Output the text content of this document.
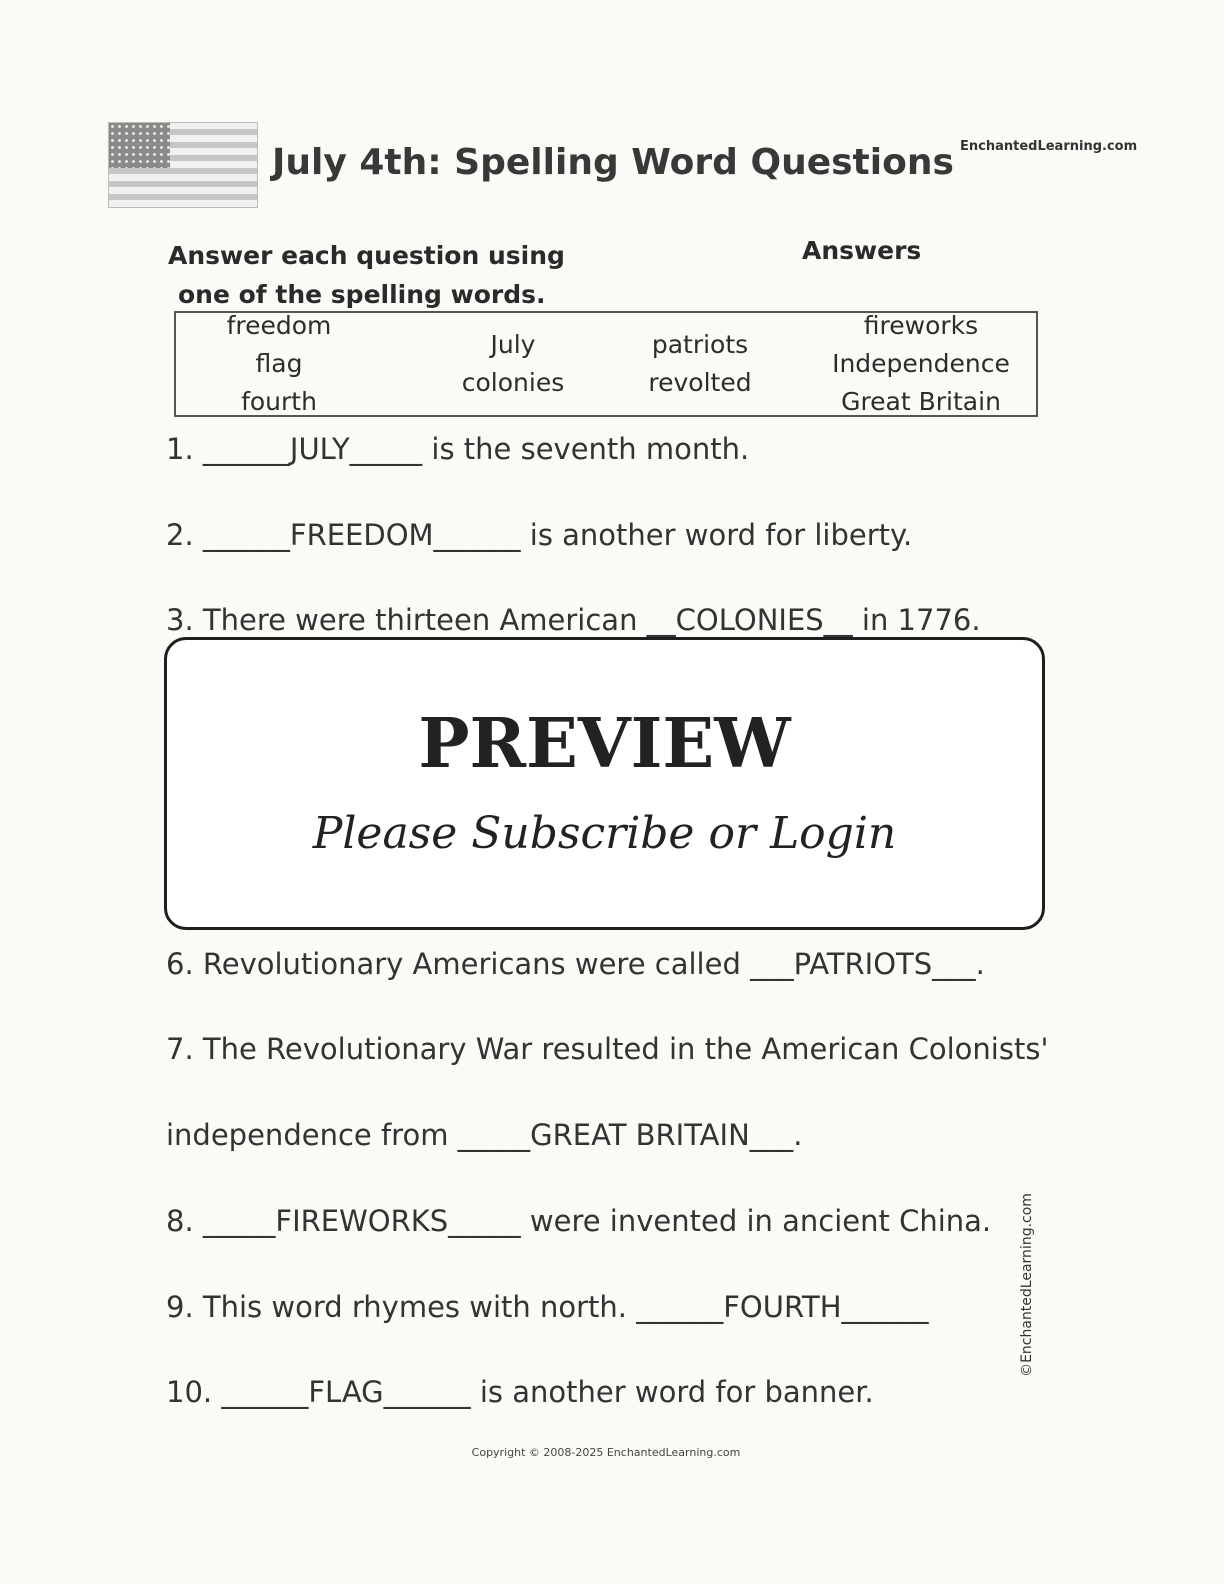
July 4th: Spelling Word Questions EnchantedLearning.com
Answer each question using
one of the spelling words.
Answers
freedom
flag
fourth
July
colonies
patriots
revolted
fireworks
Independence
Great Britain
1. ______JULY_____ is the seventh month.
2. ______FREEDOM______ is another word for liberty.
3. There were thirteen American __COLONIES__ in 1776.
PREVIEW
Please Subscribe or Login
6. Revolutionary Americans were called ___PATRIOTS___.
7. The Revolutionary War resulted in the American Colonists'
independence from _____GREAT BRITAIN___.
8. _____FIREWORKS_____ were invented in ancient China.
9. This word rhymes with north. ______FOURTH______
10. ______FLAG______ is another word for banner.
©EnchantedLearning.com
Copyright © 2008-2025 EnchantedLearning.com
